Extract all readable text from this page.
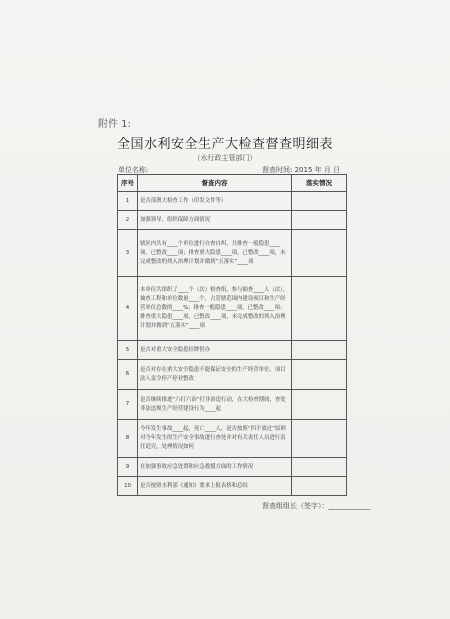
附件 1:
全国水利安全生产大检查督查明细表
（水行政主管部门）
单位名称:	督查时间: 2015 年 月 日
序号	督查内容	落实情况
1	是否部署大检查工作（印发文件等）	
2	加强领导、组织保障方面情况	
3	辖区内共有____个单位进行自查自纠，共排查一般隐患____项，已整改____项；排查重大隐患____项，已整改____项，未完成整改的列入治理计划并做到“五落实”____项	
4	本单位共组织了____个（次）检查组，参与抽查____人（次），抽查工程和单位数量____个，占管辖范围内建设项目和生产经营单位总数的____%；排查一般隐患____项，已整改____项；排查重大隐患____项，已整改____项，未完成整改的列入治理计划并做到“五落实”____项	
5	是否对重大安全隐患挂牌督办	
6	是否对存在重大安全隐患不能保证安全的生产经营单位、项目法人责令停产停业整改	
7	是否继续推进“六打六治”打非治违行动，在大检查期间，查处非法违规生产经营建设行为____起	
8	今年发生事故____起，死亡____人，是否按照“四不放过”原则对今年发生的生产安全事故进行查处并对有关责任人员进行责任追究，处理情况如何	
9	在加强事故应急处置和应急救援方面的工作情况	
10	是否按照水利部《通知》要求上报表格和总结	
督查组组长（签字）：____________
